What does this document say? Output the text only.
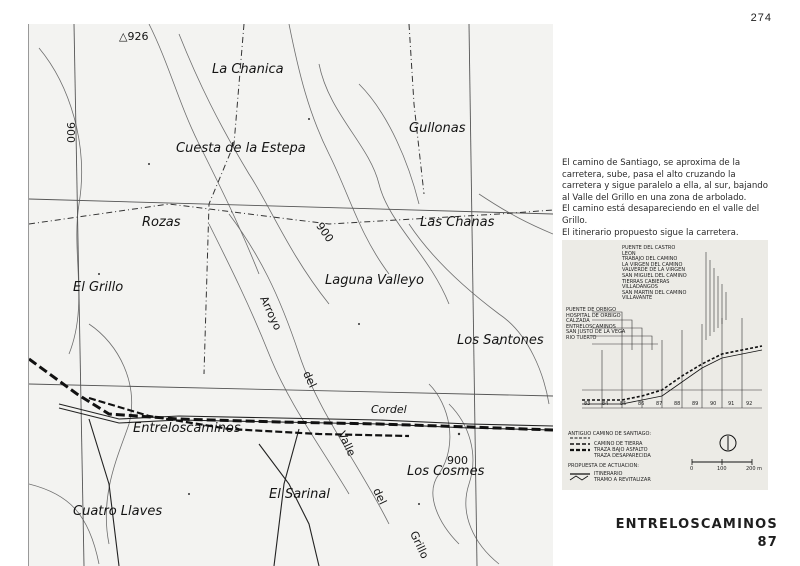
274
△926
La Chanica
Gullonas
Cuesta de la Estepa
Rozas	Las Chanas
El Grillo	Laguna Valleyo
Los Santones
Cordel
Entreloscaminos
900
Los Cosmes
El Sarinal
Cuatro Llaves
Arroyo
del
Valle
del
Grillo
900
900

El camino de Santiago, se aproxima de la carretera, sube, pasa el alto cruzando la carretera y sigue paralelo a ella, al sur, bajando al Valle del Grillo en una zona de arbolado.

El camino está desapareciendo en el valle del Grillo.

El itinerario propuesto sigue la carretera.

PUENTE DEL CASTRO
LEON
TRABAJO DEL CAMINO
LA VIRGEN DEL CAMINO
VALVERDE DE LA VIRGEN
SAN MIGUEL DEL CAMINO
TIERRAS CABIERAS
VILLADANGOS
SAN MARTIN DEL CAMINO
VILLAVANTE
PUENTE DE ORBIGO
HOSPITAL DE ORBIGO
CALZADA
ENTRELOSCAMINOS
SAN JUSTO DE LA VEGA
RIO TUERTO
83 84 85 86 87 88 89 90 91 92
ANTIGUO CAMINO DE SANTIAGO:
CAMINO DE TIERRA
TRAZA BAJO ASFALTO
TRAZA DESAPARECIDA
PROPUESTA DE ACTUACION:
ITINERARIO
TRAMO A REVITALIZAR
0	100	200 m
ENTRELOSCAMINOS 87
